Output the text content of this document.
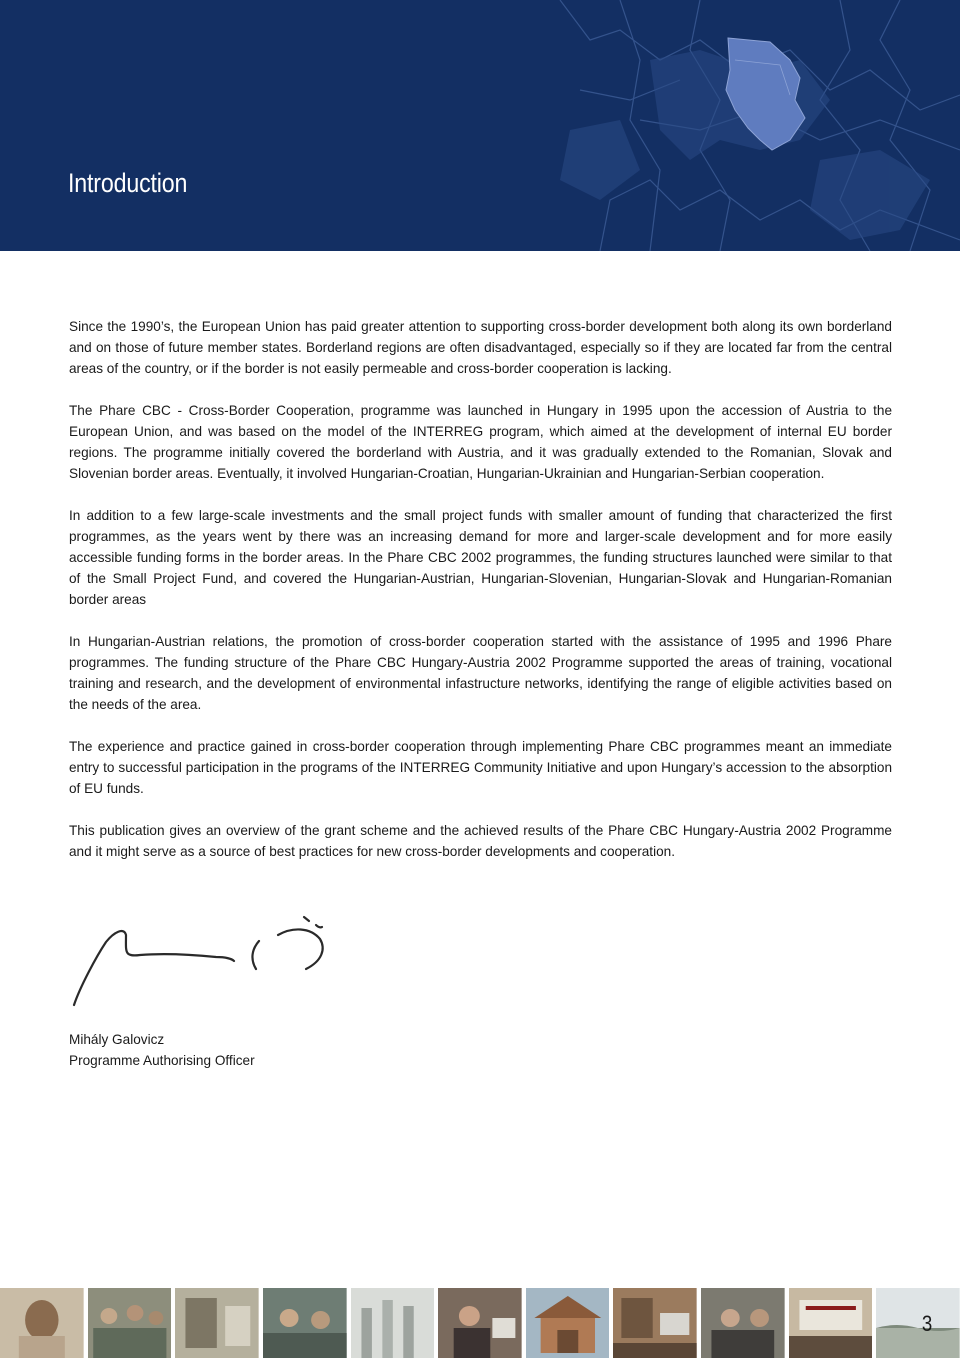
Introduction

Since the 1990’s, the European Union has paid greater attention to supporting cross-border development both along its own borderland and on those of future member states. Borderland regions are often disadvantaged, especially so if they are located far from the central areas of the country, or if the border is not easily permeable and cross-border cooperation is lacking.

The Phare CBC - Cross-Border Cooperation, programme was launched in Hungary in 1995 upon the accession of Austria to the European Union, and was based on the model of the INTERREG program, which aimed at the development of internal EU border regions. The programme initially covered the borderland with Austria, and it was gradually extended to the Romanian, Slovak and Slovenian border areas. Eventually, it involved Hungarian-Croatian, Hungarian-Ukrainian and Hungarian-Serbian cooperation.

In addition to a few large-scale investments and the small project funds with smaller amount of funding that characterized the first programmes, as the years went by there was an increasing demand for more and larger-scale development and for more easily accessible funding forms in the border areas. In the Phare CBC 2002 programmes, the funding structures launched were similar to that of the Small Project Fund, and covered the Hungarian-Austrian, Hungarian-Slovenian, Hungarian-Slovak and Hungarian-Romanian border areas

In Hungarian-Austrian relations, the promotion of cross-border cooperation started with the assistance of 1995 and 1996 Phare programmes. The funding structure of the Phare CBC Hungary-Austria 2002 Programme supported the areas of training, vocational training and research, and the development of environmental infastructure networks, identifying the range of eligible activities based on the needs of the area.

The experience and practice gained in cross-border cooperation through implementing Phare CBC programmes meant an immediate entry to successful participation in the programs of the INTERREG Community Initiative and upon Hungary’s accession to the absorption of EU funds.

This publication gives an overview of the grant scheme and the achieved results of the Phare CBC Hungary-Austria 2002 Programme and it might serve as a source of best practices for new cross-border developments and cooperation.

Mihály Galovicz
Programme Authorising Officer
3
